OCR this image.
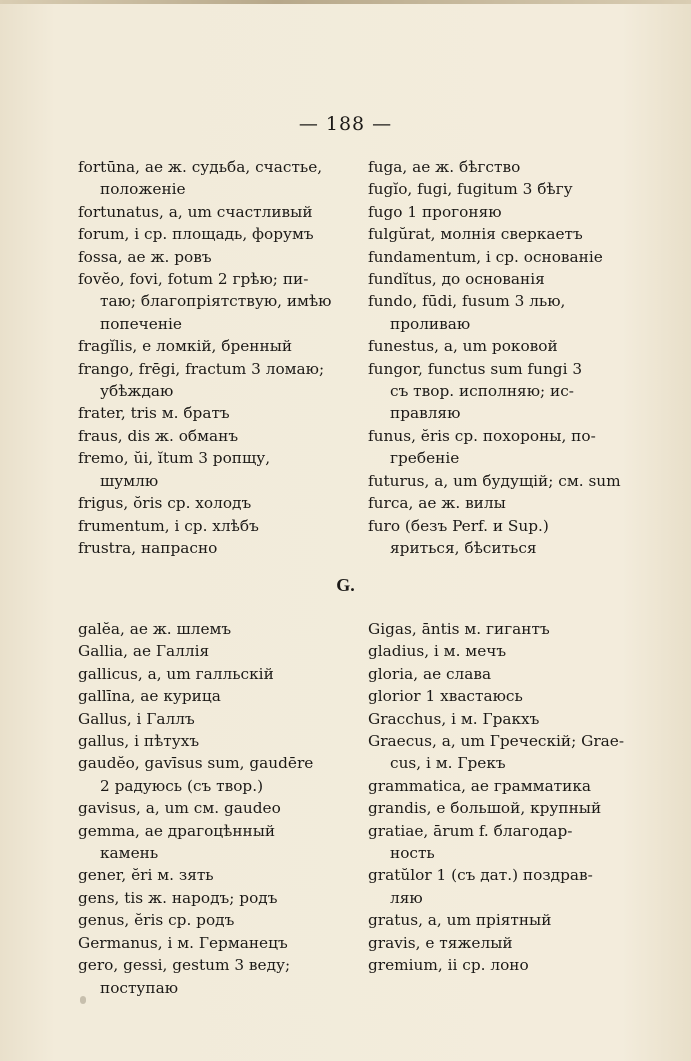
— 188 —
fortūna, ae ж. судьба, счастье,
положеніе
fortunatus, a, um счастливый
forum, i ср. площадь, форумъ
fossa, ae ж. ровъ
fovĕo, fovi, fotum 2 грѣю; пи-
таю; благопріятствую, имѣю
попеченіе
fragĭlis, e ломкій, бренный
frango, frēgi, fractum 3 ломаю;
убѣждаю
frater, tris м. братъ
fraus, dis ж. обманъ
fremo, ŭi, ĭtum 3 ропщу,
шумлю
frigus, ŏris ср. холодъ
frumentum, i ср. хлѣбъ
frustra, напрасно
fuga, ae ж. бѣгство
fugĭo, fugi, fugitum 3 бѣгу
fugo 1 прогоняю
fulgŭrat, молнія сверкаетъ
fundamentum, i ср. основаніе
fundĭtus, до основанія
fundo, fūdi, fusum 3 лью,
проливаю
funestus, a, um роковой
fungor, functus sum fungi 3
съ твор. исполняю; ис-
правляю
funus, ĕris ср. похороны, по-
гребеніе
futurus, a, um будущій; см. sum
furca, ae ж. вилы
furo (безъ Perf. и Sup.)
яриться, бѣситься
G.
galĕa, ae ж. шлемъ
Gallia, ae Галлія
gallicus, a, um галльскій
gallīna, ae курица
Gallus, i Галлъ
gallus, i пѣтухъ
gaudĕo, gavīsus sum, gaudēre
2 радуюсь (съ твор.)
gavisus, a, um см. gaudeo
gemma, ae драгоцѣнный
камень
gener, ĕri м. зять
gens, tis ж. народъ; родъ
genus, ĕris ср. родъ
Germanus, i м. Германецъ
gero, gessi, gestum 3 веду;
поступаю
Gigas, āntis м. гигантъ
gladius, i м. мечъ
gloria, ae слава
glorior 1 хвастаюсь
Gracchus, i м. Гракхъ
Graecus, a, um Греческій; Grae-
cus, i м. Грекъ
grammatica, ae грамматика
grandis, e большой, крупный
gratiae, ārum f. благодар-
ность
gratŭlor 1 (съ дат.) поздрав-
ляю
gratus, a, um пріятный
gravis, e тяжелый
gremium, ii ср. лоно
